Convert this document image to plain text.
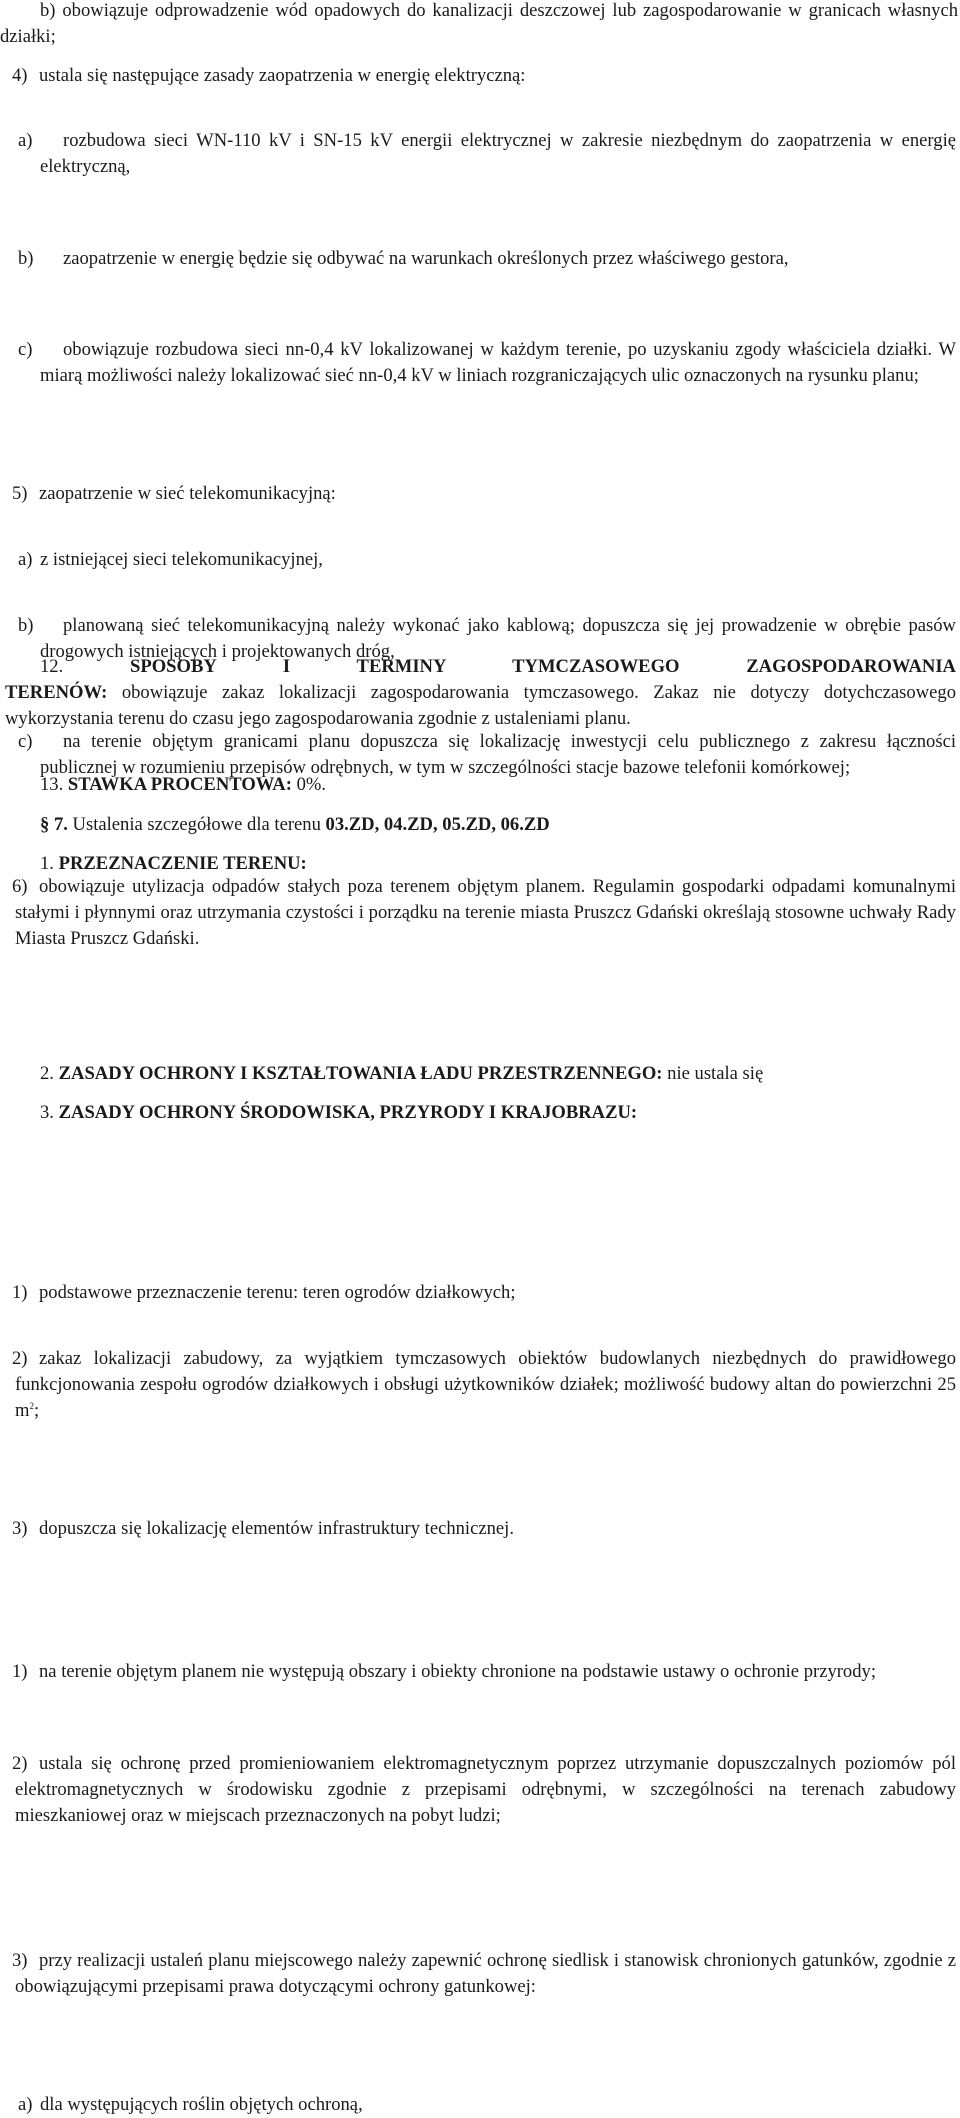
b) obowiązuje odprowadzenie wód opadowych do kanalizacji deszczowej lub zagospodarowanie w granicach własnych działki;

4) ustala się następujące zasady zaopatrzenia w energię elektryczną:
a)	rozbudowa sieci WN-110 kV i SN-15 kV energii elektrycznej w zakresie niezbędnym do zaopatrzenia w energię elektryczną,
b)	zaopatrzenie w energię będzie się odbywać na warunkach określonych przez właściwego gestora,
c)	obowiązuje rozbudowa sieci nn-0,4 kV lokalizowanej w każdym terenie, po uzyskaniu zgody właściciela działki. W miarą możliwości należy lokalizować sieć nn-0,4 kV w liniach rozgraniczających ulic oznaczonych na rysunku planu;
5) zaopatrzenie w sieć telekomunikacyjną:
a) z istniejącej sieci telekomunikacyjnej,
b)	planowaną sieć telekomunikacyjną należy wykonać jako kablową; dopuszcza się jej prowadzenie w obrębie pasów drogowych istniejących i projektowanych dróg,
c)	na terenie objętym granicami planu dopuszcza się lokalizację inwestycji celu publicznego z zakresu łączności publicznej w rozumieniu przepisów odrębnych, w tym w szczególności stacje bazowe telefonii komórkowej;
6) obowiązuje utylizacja odpadów stałych poza terenem objętym planem. Regulamin gospodarki odpadami komunalnymi stałymi i płynnymi oraz utrzymania czystości i porządku na terenie miasta Pruszcz Gdański określają stosowne uchwały Rady Miasta Pruszcz Gdański.
12.	SPOSOBY I TERMINY TYMCZASOWEGO ZAGOSPODAROWANIA
TERENÓW: obowiązuje zakaz lokalizacji zagospodarowania tymczasowego. Zakaz nie dotyczy dotychczasowego wykorzystania terenu do czasu jego zagospodarowania zgodnie z ustaleniami planu.
13. STAWKA PROCENTOWA: 0%.
§ 7. Ustalenia szczegółowe dla terenu 03.ZD, 04.ZD, 05.ZD, 06.ZD
1. PRZEZNACZENIE TERENU:
1) podstawowe przeznaczenie terenu: teren ogrodów działkowych;
2) zakaz lokalizacji zabudowy, za wyjątkiem tymczasowych obiektów budowlanych niezbędnych do prawidłowego funkcjonowania zespołu ogrodów działkowych i obsługi użytkowników działek; możliwość budowy altan do powierzchni 25 $m^2$;
3) dopuszcza się lokalizację elementów infrastruktury technicznej.
2. ZASADY OCHRONY I KSZTAŁTOWANIA ŁADU PRZESTRZENNEGO: nie ustala się
3. ZASADY OCHRONY ŚRODOWISKA, PRZYRODY I KRAJOBRAZU:
1) na terenie objętym planem nie występują obszary i obiekty chronione na podstawie ustawy o ochronie przyrody;
2) ustala się ochronę przed promieniowaniem elektromagnetycznym poprzez utrzymanie dopuszczalnych poziomów pól elektromagnetycznych w środowisku zgodnie z przepisami odrębnymi, w szczególności na terenach zabudowy mieszkaniowej oraz w miejscach przeznaczonych na pobyt ludzi;
3) przy realizacji ustaleń planu miejscowego należy zapewnić ochronę siedlisk i stanowisk chronionych gatunków, zgodnie z obowiązującymi przepisami prawa dotyczącymi ochrony gatunkowej:
a) dla występujących roślin objętych ochroną,
